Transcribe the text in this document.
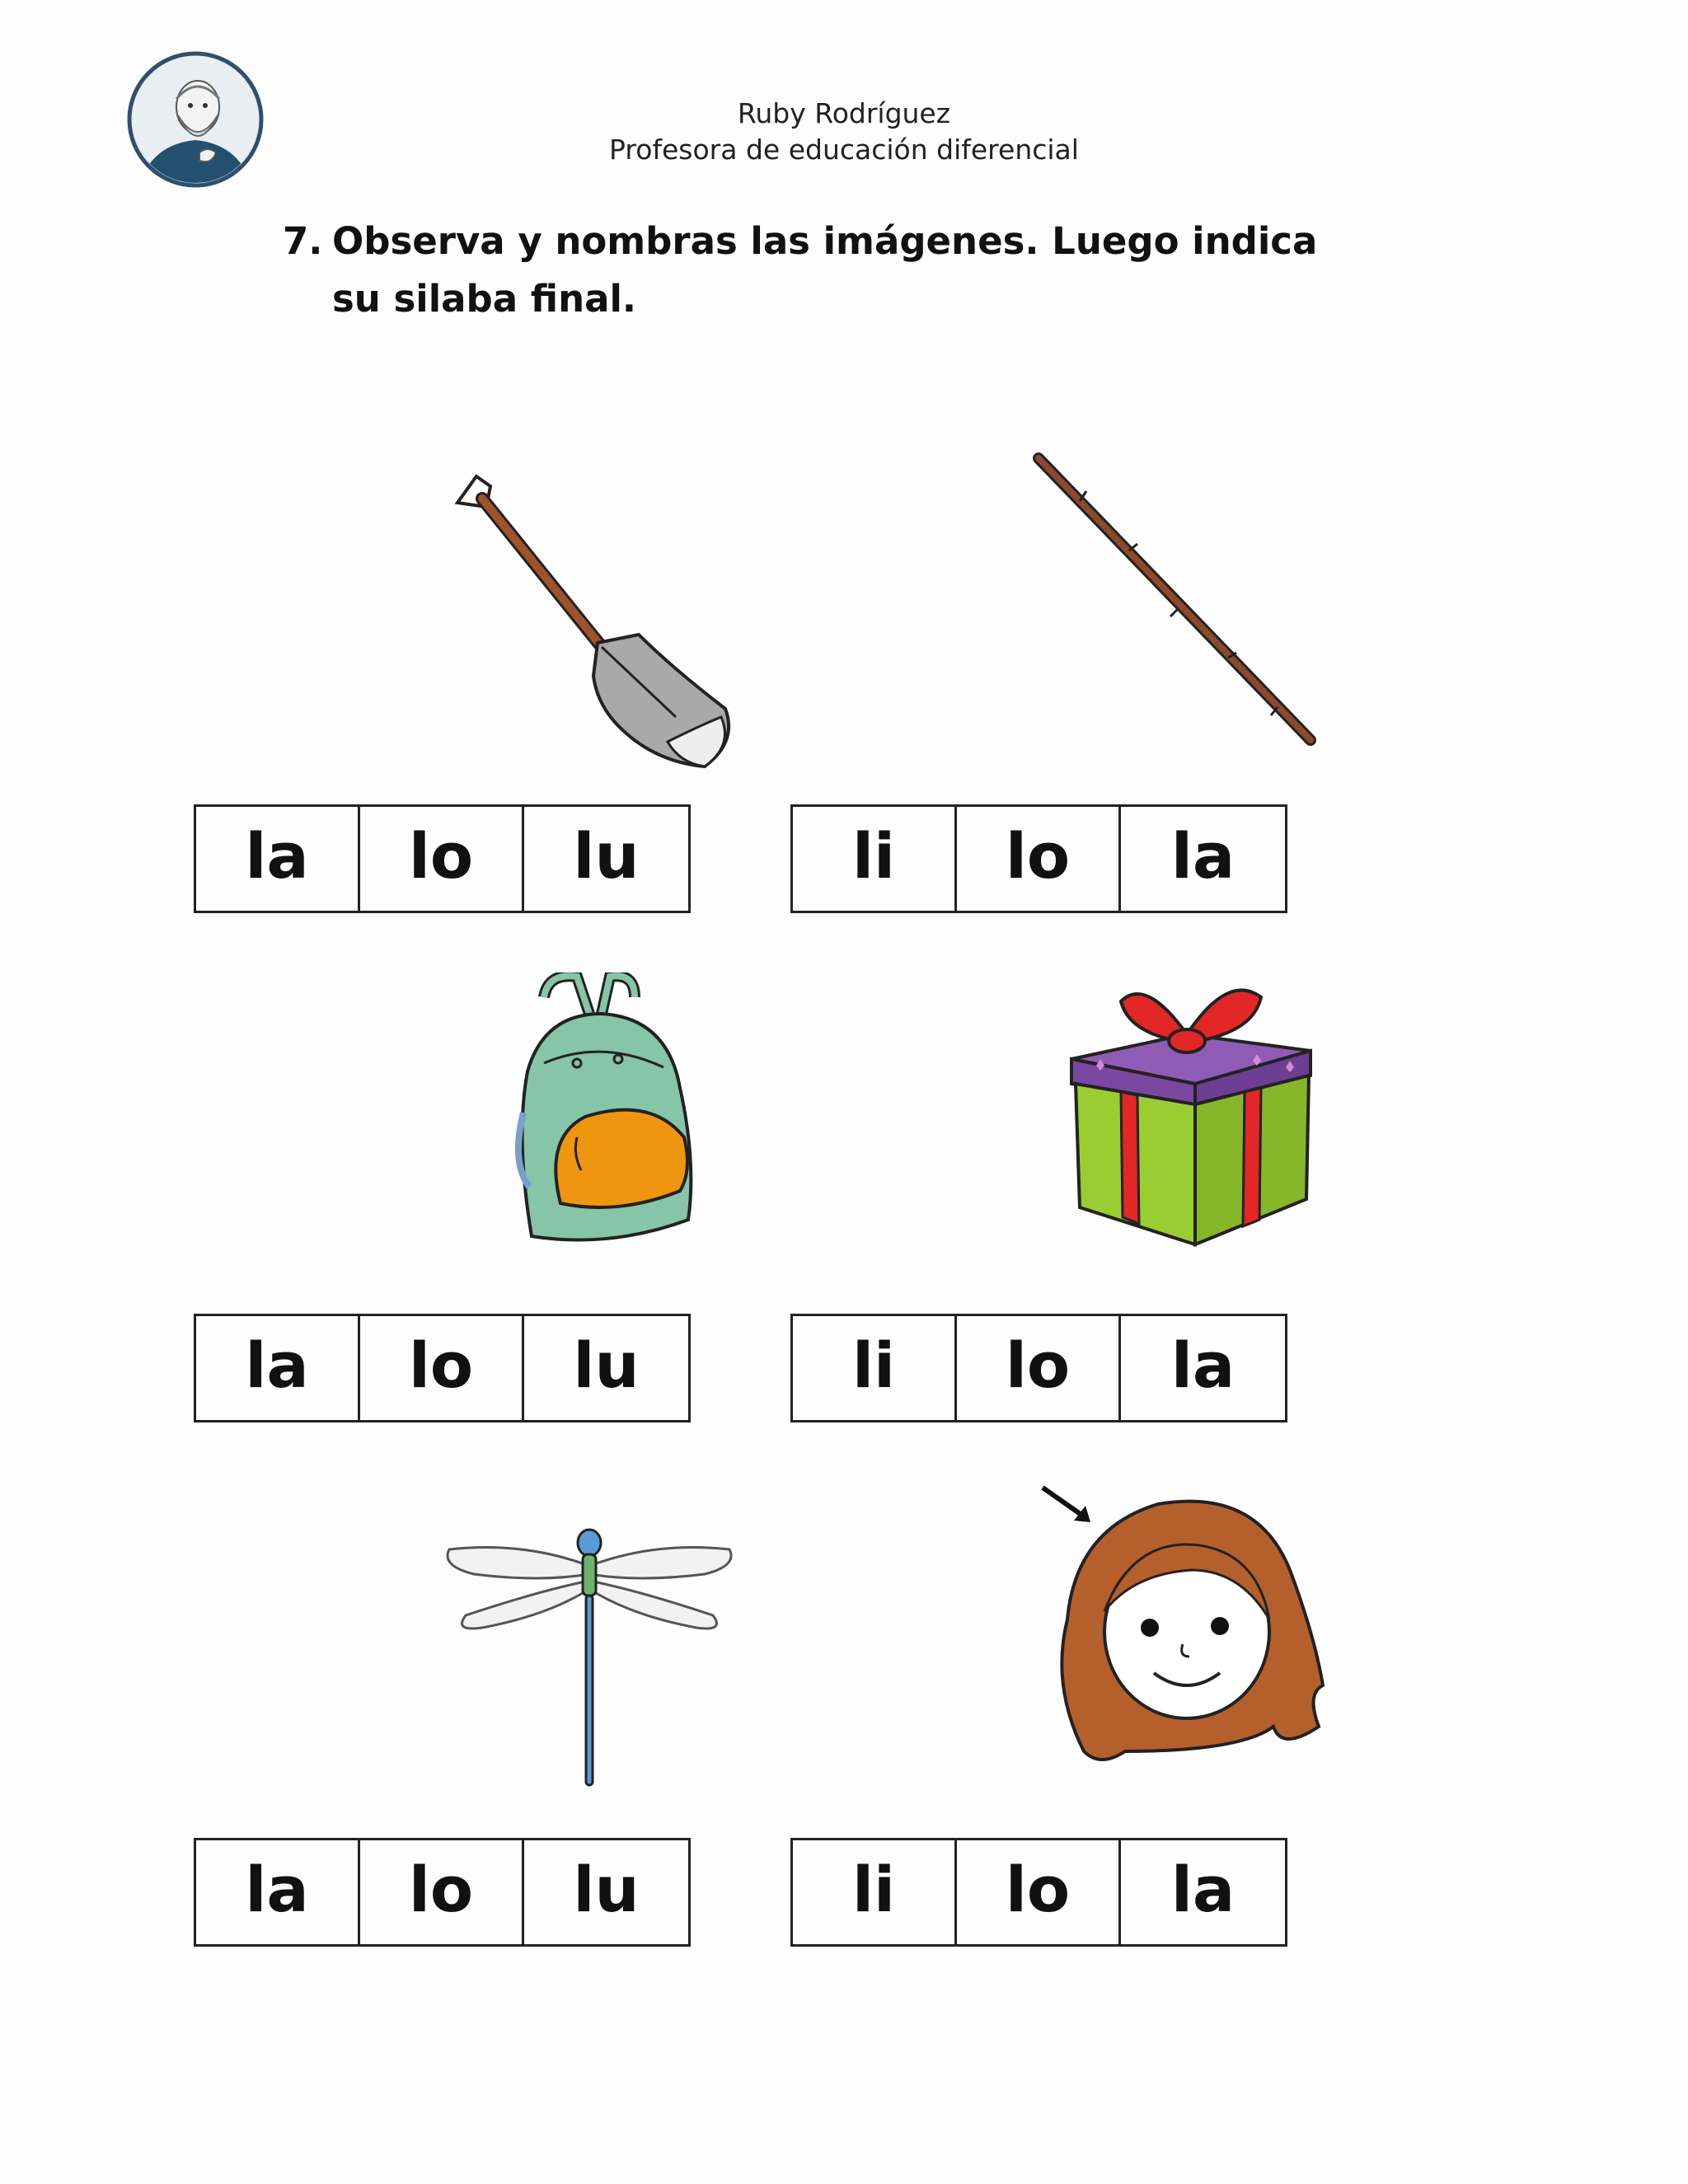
Ruby Rodríguez
Profesora de educación diferencial
7. Observa y nombras las imágenes. Luego indica su silaba final.
la	lo	lu	li	lo	la
la	lo	lu	li	lo	la
la	lo	lu	li	lo	la
